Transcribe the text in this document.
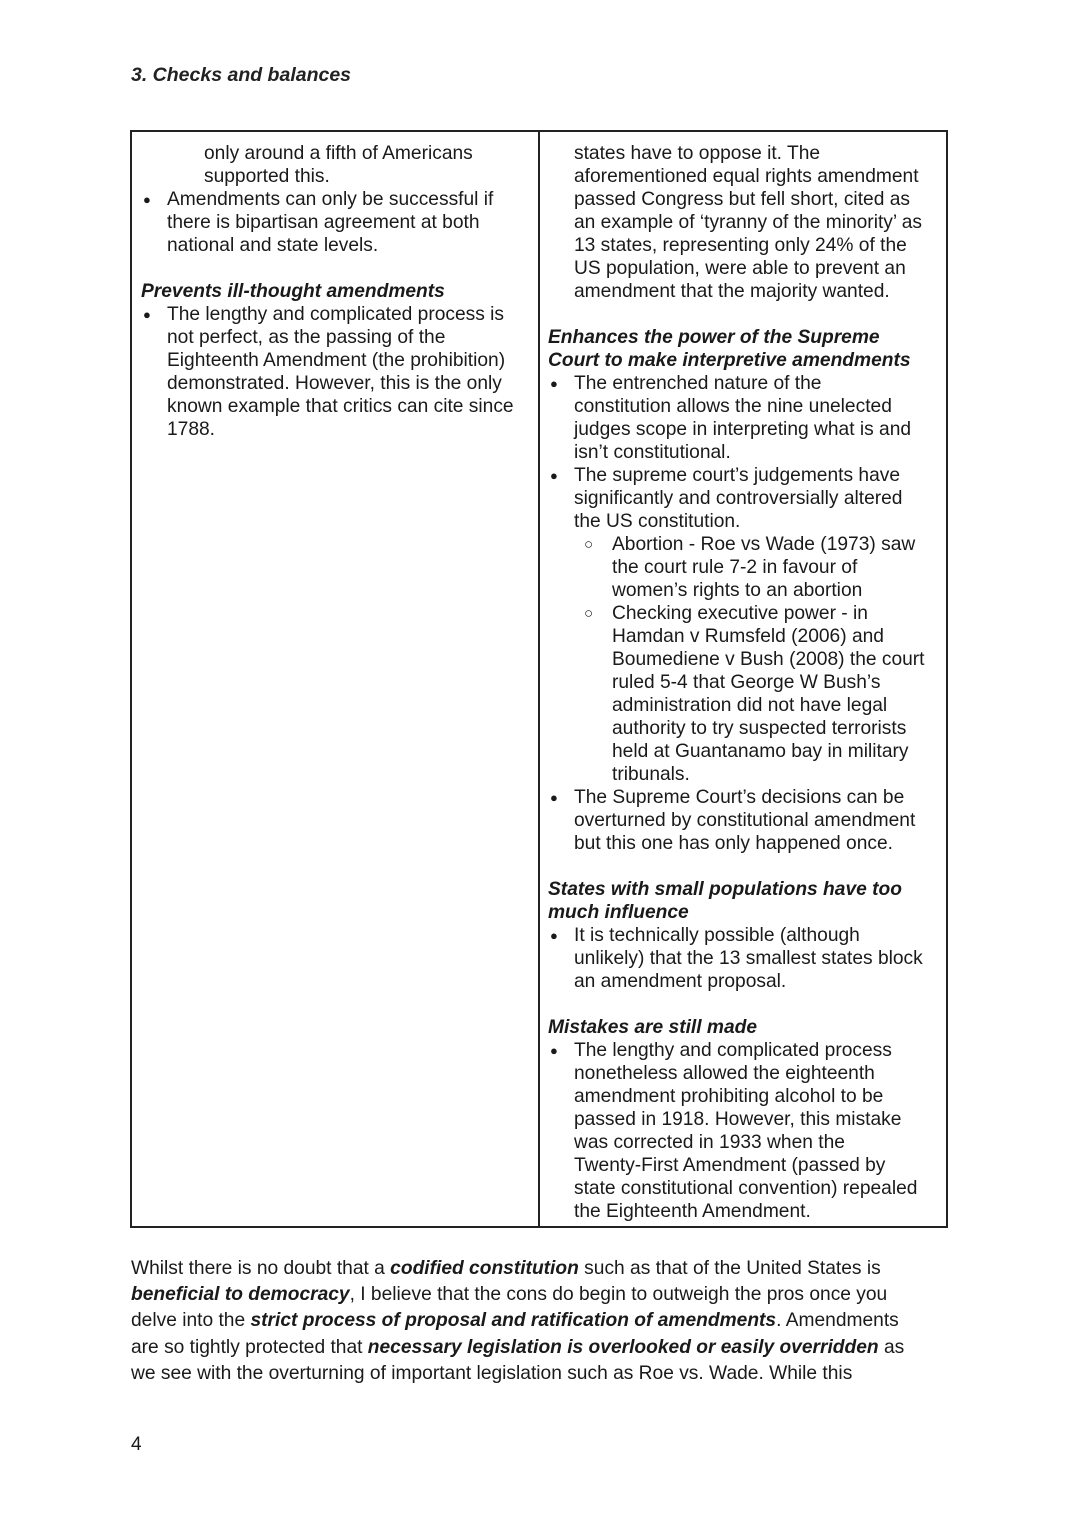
3. Checks and balances
only around a fifth of Americans
supported this.
● Amendments can only be successful if
there is bipartisan agreement at both
national and state levels.
Prevents ill-thought amendments
● The lengthy and complicated process is
not perfect, as the passing of the
Eighteenth Amendment (the prohibition)
demonstrated. However, this is the only
known example that critics can cite since
1788.
states have to oppose it. The
aforementioned equal rights amendment
passed Congress but fell short, cited as
an example of ‘tyranny of the minority’ as
13 states, representing only 24% of the
US population, were able to prevent an
amendment that the majority wanted.
Enhances the power of the Supreme
Court to make interpretive amendments
● The entrenched nature of the
constitution allows the nine unelected
judges scope in interpreting what is and
isn’t constitutional.
● The supreme court’s judgements have
significantly and controversially altered
the US constitution.
○ Abortion - Roe vs Wade (1973) saw
the court rule 7-2 in favour of
women’s rights to an abortion
○ Checking executive power - in
Hamdan v Rumsfeld (2006) and
Boumediene v Bush (2008) the court
ruled 5-4 that George W Bush’s
administration did not have legal
authority to try suspected terrorists
held at Guantanamo bay in military
tribunals.
● The Supreme Court’s decisions can be
overturned by constitutional amendment
but this one has only happened once.
States with small populations have too
much influence
● It is technically possible (although
unlikely) that the 13 smallest states block
an amendment proposal.
Mistakes are still made
● The lengthy and complicated process
nonetheless allowed the eighteenth
amendment prohibiting alcohol to be
passed in 1918. However, this mistake
was corrected in 1933 when the
Twenty-First Amendment (passed by
state constitutional convention) repealed
the Eighteenth Amendment.
Whilst there is no doubt that a codified constitution such as that of the United States is
beneficial to democracy, I believe that the cons do begin to outweigh the pros once you
delve into the strict process of proposal and ratification of amendments. Amendments
are so tightly protected that necessary legislation is overlooked or easily overridden as
we see with the overturning of important legislation such as Roe vs. Wade. While this
4
